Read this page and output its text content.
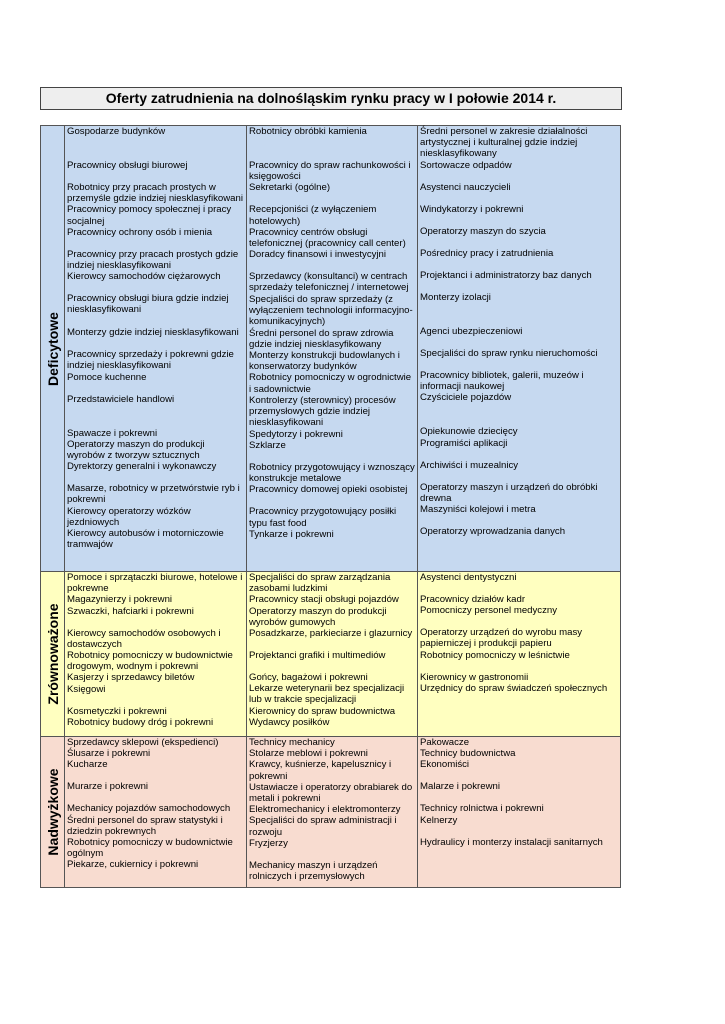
Oferty zatrudnienia na dolnośląskim rynku pracy w I połowie 2014 r.
Deficytowe
Gospodarze budynków
Pracownicy obsługi biurowej
Robotnicy przy pracach prostych w przemyśle gdzie indziej niesklasyfikowani
Pracownicy pomocy społecznej i pracy socjalnej
Pracownicy ochrony osób i mienia
Pracownicy przy pracach prostych gdzie indziej niesklasyfikowani
Kierowcy samochodów ciężarowych
Pracownicy obsługi biura gdzie indziej niesklasyfikowani
Monterzy gdzie indziej niesklasyfikowani
Pracownicy sprzedaży i pokrewni gdzie indziej niesklasyfikowani
Pomoce kuchenne
Przedstawiciele handlowi
Spawacze i pokrewni
Operatorzy maszyn do produkcji wyrobów z tworzyw sztucznych
Dyrektorzy generalni i wykonawczy
Masarze, robotnicy w przetwórstwie ryb i pokrewni
Kierowcy operatorzy wózków jezdniowych
Kierowcy autobusów i motorniczowie tramwajów
Robotnicy obróbki kamienia
Pracownicy do spraw rachunkowości i księgowości
Sekretarki (ogólne)
Recepcjoniści (z wyłączeniem hotelowych)
Pracownicy centrów obsługi telefonicznej (pracownicy call center)
Doradcy finansowi i inwestycyjni
Sprzedawcy (konsultanci) w centrach sprzedaży telefonicznej / internetowej
Specjaliści do spraw sprzedaży (z wyłączeniem technologii informacyjno-komunikacyjnych)
Średni personel do spraw zdrowia gdzie indziej niesklasyfikowany
Monterzy konstrukcji budowlanych i konserwatorzy budynków
Robotnicy pomocniczy w ogrodnictwie i sadownictwie
Kontrolerzy (sterownicy) procesów przemysłowych gdzie indziej niesklasyfikowani
Spedytorzy i pokrewni
Szklarze
Robotnicy przygotowujący i wznoszący konstrukcje metalowe
Pracownicy domowej opieki osobistej
Pracownicy przygotowujący posiłki typu fast food
Tynkarze i pokrewni
Średni personel w zakresie działalności artystycznej i kulturalnej gdzie indziej niesklasyfikowany
Sortowacze odpadów
Asystenci nauczycieli
Windykatorzy i pokrewni
Operatorzy maszyn do szycia
Pośrednicy pracy i zatrudnienia
Projektanci i administratorzy baz danych
Monterzy izolacji
Agenci ubezpieczeniowi
Specjaliści do spraw rynku nieruchomości
Pracownicy bibliotek, galerii, muzeów i informacji naukowej
Czyściciele pojazdów
Opiekunowie dziecięcy
Programiści aplikacji
Archiwiści i muzealnicy
Operatorzy maszyn i urządzeń do obróbki drewna
Maszyniści kolejowi i metra
Operatorzy wprowadzania danych
Zrównoważone
Pomoce i sprzątaczki biurowe, hotelowe i pokrewne
Magazynierzy i pokrewni
Szwaczki, hafciarki i pokrewni
Kierowcy samochodów osobowych i dostawczych
Robotnicy pomocniczy w budownictwie drogowym, wodnym i pokrewni
Kasjerzy i sprzedawcy biletów
Księgowi
Kosmetyczki i pokrewni
Robotnicy budowy dróg i pokrewni
Specjaliści do spraw zarządzania zasobami ludzkimi
Pracownicy stacji obsługi pojazdów
Operatorzy maszyn do produkcji wyrobów gumowych
Posadzkarze, parkieciarze i glazurnicy
Projektanci grafiki i multimediów
Gońcy, bagażowi i pokrewni
Lekarze weterynarii bez specjalizacji lub w trakcie specjalizacji
Kierownicy do spraw budownictwa
Wydawcy posiłków
Asystenci dentystyczni
Pracownicy działów kadr
Pomocniczy personel medyczny
Operatorzy urządzeń do wyrobu masy papierniczej i produkcji papieru
Robotnicy pomocniczy w leśnictwie
Kierownicy w gastronomii
Urzędnicy do spraw świadczeń społecznych
Nadwyżkowe
Sprzedawcy sklepowi (ekspedienci)
Ślusarze i pokrewni
Kucharze
Murarze i pokrewni
Mechanicy pojazdów samochodowych
Średni personel do spraw statystyki i dziedzin pokrewnych
Robotnicy pomocniczy w budownictwie ogólnym
Piekarze, cukiernicy i pokrewni
Technicy mechanicy
Stolarze meblowi i pokrewni
Krawcy, kuśnierze, kapelusznicy i pokrewni
Ustawiacze i operatorzy obrabiarek do metali i pokrewni
Elektromechanicy i elektromonterzy
Specjaliści do spraw administracji i rozwoju
Fryzjerzy
Mechanicy maszyn i urządzeń rolniczych i przemysłowych
Pakowacze
Technicy budownictwa
Ekonomiści
Malarze i pokrewni
Technicy rolnictwa i pokrewni
Kelnerzy
Hydraulicy i monterzy instalacji sanitarnych
